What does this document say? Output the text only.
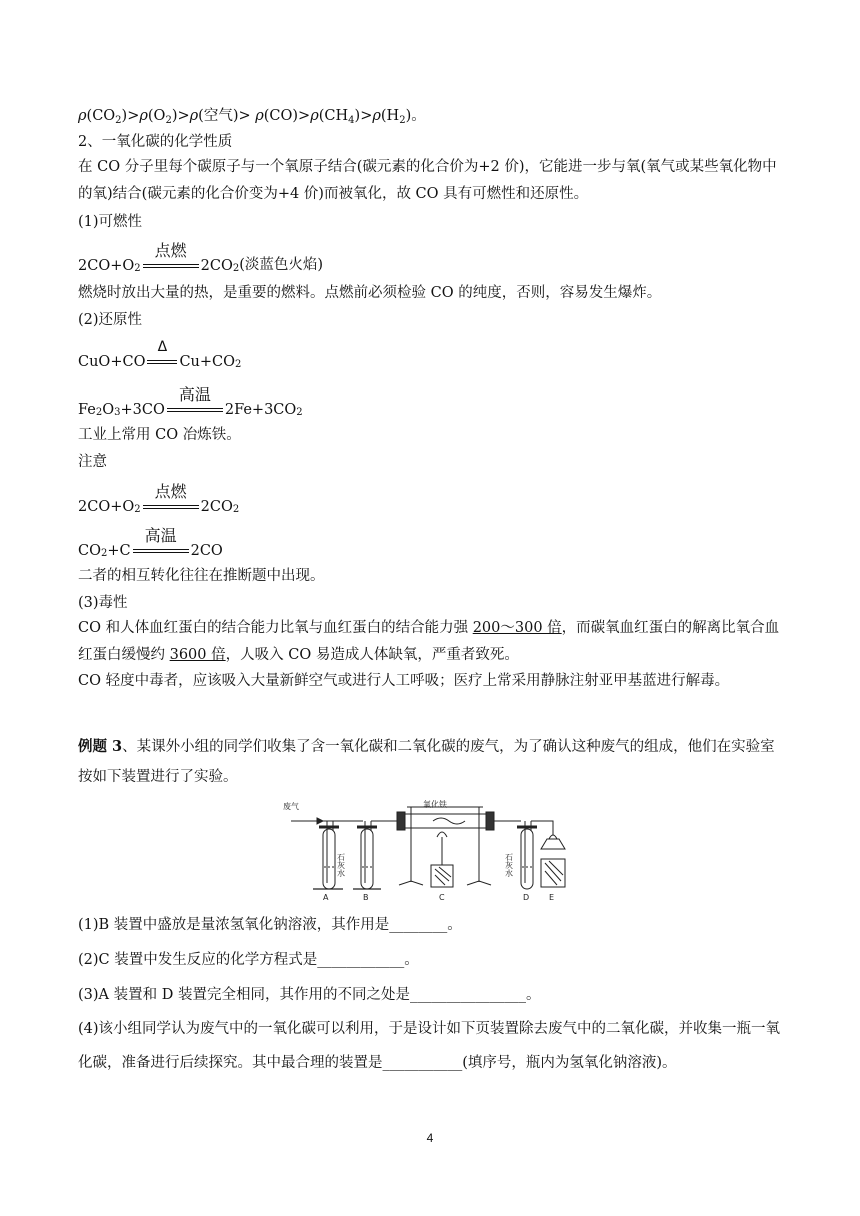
$\rho(CO_2)>\rho(O_2)>\rho$(空气)> $\rho(CO)>\rho(CH_4)>\rho(H_2)$。
2、一氧化碳的化学性质
在 CO 分子里每个碳原子与一个氧原子结合(碳元素的化合价为+2 价)，它能进一步与氧(氧气或某些氧化物中的氧)结合(碳元素的化合价变为+4 价)而被氧化，故 CO 具有可燃性和还原性。
(1)可燃性
2CO+O 2
点燃
2CO 2 (淡蓝色火焰)
燃烧时放出大量的热，是重要的燃料。点燃前必须检验 CO 的纯度，否则，容易发生爆炸。
(2)还原性
CuO+CO
Δ
Cu+CO 2
Fe 2 O 3 +3CO
高温
2Fe+3CO 2
工业上常用 CO 冶炼铁。
注意
2CO+O 2
点燃
2CO 2
CO 2 +C
高温
2CO
二者的相互转化往往在推断题中出现。
(3)毒性
CO 和人体血红蛋白的结合能力比氧与血红蛋白的结合能力强 200～300 倍，而碳氧血红蛋白的解离比氧合血红蛋白缓慢约 3600 倍，人吸入 CO 易造成人体缺氧，严重者致死。
CO 轻度中毒者，应该吸入大量新鲜空气或进行人工呼吸；医疗上常采用静脉注射亚甲基蓝进行解毒。
例题 3、某课外小组的同学们收集了含一氧化碳和二氧化碳的废气，为了确认这种废气的组成，他们在实验室按如下装置进行了实验。
废气	氧化铁
石灰水	石灰水
A	B	C	D E
(1)B 装置中盛放是量浓氢氧化钠溶液，其作用是________。
(2)C 装置中发生反应的化学方程式是____________。
(3)A 装置和 D 装置完全相同，其作用的不同之处是________________。
(4)该小组同学认为废气中的一氧化碳可以利用，于是设计如下页装置除去废气中的二氧化碳，并收集一瓶一氧化碳，准备进行后续探究。其中最合理的装置是___________(填序号，瓶内为氢氧化钠溶液)。
4
